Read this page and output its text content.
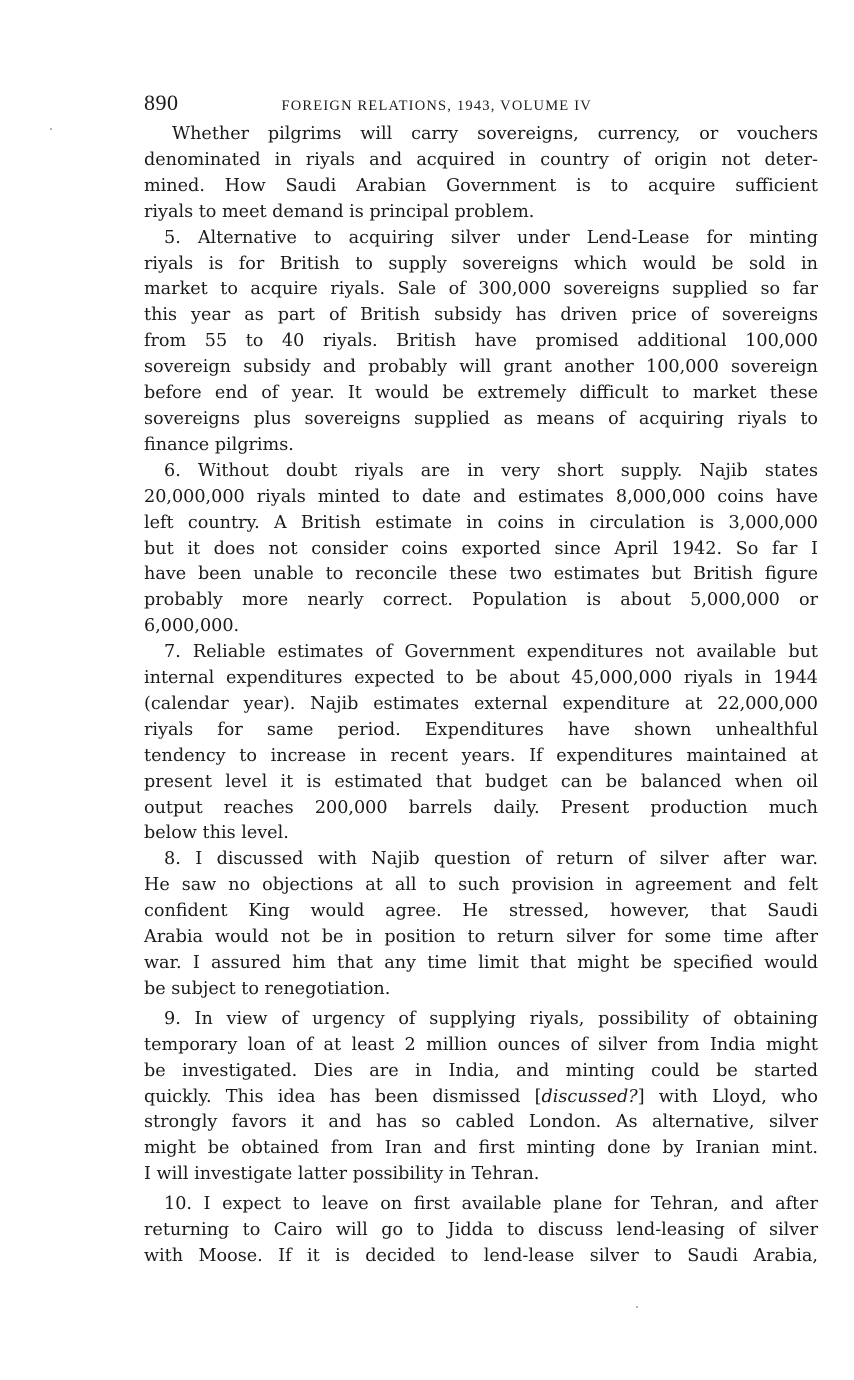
890	FOREIGN RELATIONS, 1943, VOLUME IV

Whether pilgrims will carry sovereigns, currency, or vouchers
denominated in riyals and acquired in country of origin not deter-
mined. How Saudi Arabian Government is to acquire sufficient
riyals to meet demand is principal problem.

5. Alternative to acquiring silver under Lend-Lease for minting
riyals is for British to supply sovereigns which would be sold in
market to acquire riyals. Sale of 300,000 sovereigns supplied so far
this year as part of British subsidy has driven price of sovereigns
from 55 to 40 riyals. British have promised additional 100,000
sovereign subsidy and probably will grant another 100,000 sovereign
before end of year. It would be extremely difficult to market these
sovereigns plus sovereigns supplied as means of acquiring riyals to
finance pilgrims.

6. Without doubt riyals are in very short supply. Najib states
20,000,000 riyals minted to date and estimates 8,000,000 coins have
left country. A British estimate in coins in circulation is 3,000,000
but it does not consider coins exported since April 1942. So far I
have been unable to reconcile these two estimates but British figure
probably more nearly correct. Population is about 5,000,000 or
6,000,000.

7. Reliable estimates of Government expenditures not available but
internal expenditures expected to be about 45,000,000 riyals in 1944
(calendar year). Najib estimates external expenditure at 22,000,000
riyals for same period. Expenditures have shown unhealthful
tendency to increase in recent years. If expenditures maintained at
present level it is estimated that budget can be balanced when oil
output reaches 200,000 barrels daily. Present production much
below this level.

8. I discussed with Najib question of return of silver after war.
He saw no objections at all to such provision in agreement and felt
confident King would agree. He stressed, however, that Saudi
Arabia would not be in position to return silver for some time after
war. I assured him that any time limit that might be specified would
be subject to renegotiation.

9. In view of urgency of supplying riyals, possibility of obtaining
temporary loan of at least 2 million ounces of silver from India might
be investigated. Dies are in India, and minting could be started
quickly. This idea has been dismissed [discussed?] with Lloyd, who
strongly favors it and has so cabled London. As alternative, silver
might be obtained from Iran and first minting done by Iranian mint.
I will investigate latter possibility in Tehran.

10. I expect to leave on first available plane for Tehran, and after
returning to Cairo will go to Jidda to discuss lend-leasing of silver
with Moose. If it is decided to lend-lease silver to Saudi Arabia,
